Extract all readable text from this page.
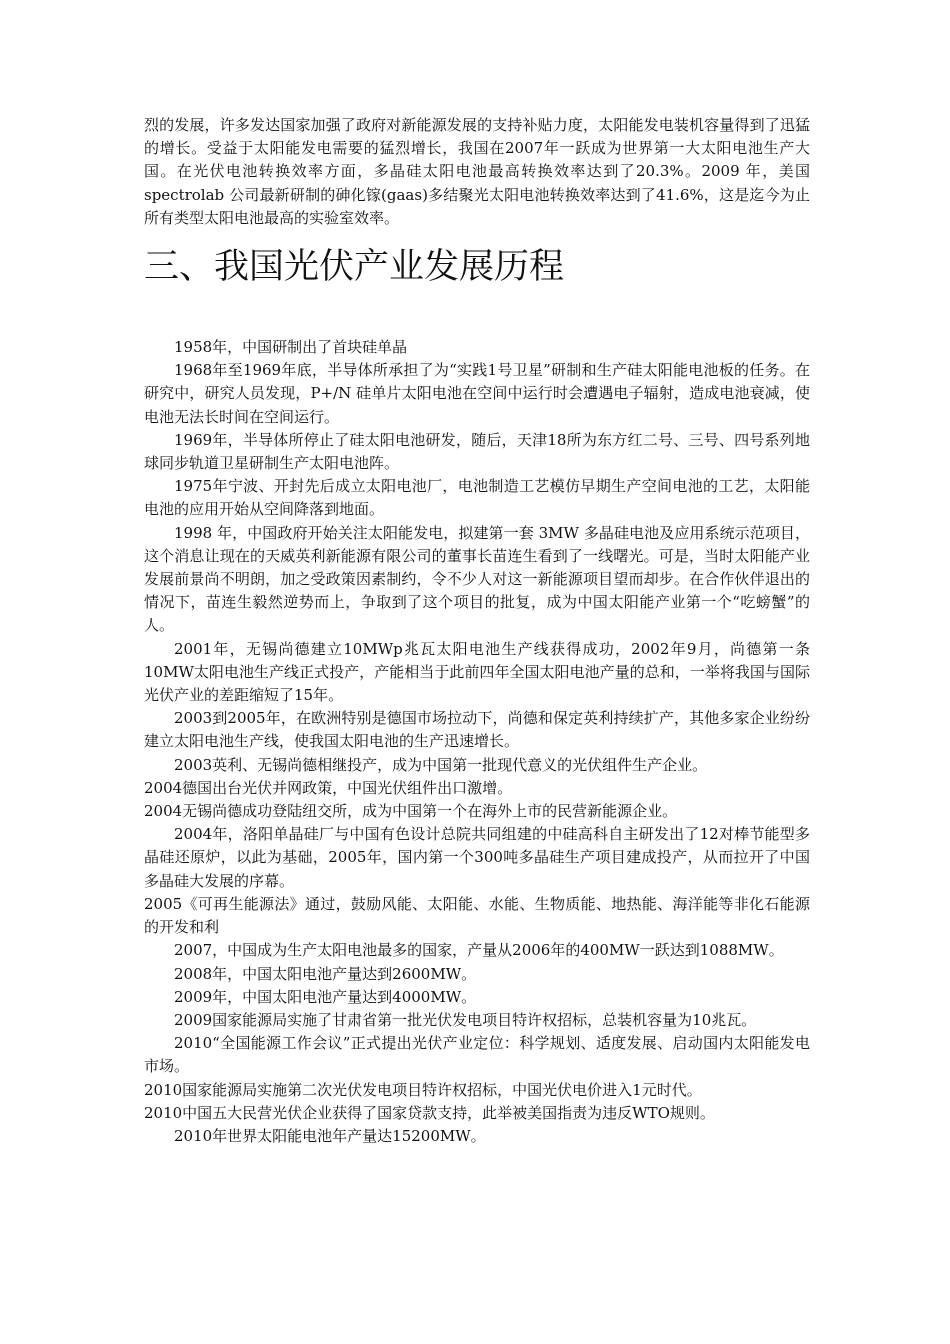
烈的发展，许多发达国家加强了政府对新能源发展的支持补贴力度，太阳能发电装机容量得到了迅猛的增长。受益于太阳能发电需要的猛烈增长，我国在2007年一跃成为世界第一大太阳电池生产大国。在光伏电池转换效率方面，多晶硅太阳电池最高转换效率达到了20.3%。2009 年，美国 spectrolab 公司最新研制的砷化镓(gaas)多结聚光太阳电池转换效率达到了41.6%，这是迄今为止所有类型太阳电池最高的实验室效率。

三、我国光伏产业发展历程

1958年，中国研制出了首块硅单晶

1968年至1969年底，半导体所承担了为“实践1号卫星”研制和生产硅太阳能电池板的任务。在研究中，研究人员发现，P+/N 硅单片太阳电池在空间中运行时会遭遇电子辐射，造成电池衰减，使电池无法长时间在空间运行。

1969年，半导体所停止了硅太阳电池研发，随后，天津18所为东方红二号、三号、四号系列地球同步轨道卫星研制生产太阳电池阵。

1975年宁波、开封先后成立太阳电池厂，电池制造工艺模仿早期生产空间电池的工艺，太阳能电池的应用开始从空间降落到地面。

1998 年，中国政府开始关注太阳能发电，拟建第一套 3MW 多晶硅电池及应用系统示范项目，这个消息让现在的天威英利新能源有限公司的董事长苗连生看到了一线曙光。可是，当时太阳能产业发展前景尚不明朗，加之受政策因素制约，令不少人对这一新能源项目望而却步。在合作伙伴退出的情况下，苗连生毅然逆势而上，争取到了这个项目的批复，成为中国太阳能产业第一个“吃螃蟹”的人。

2001年，无锡尚德建立10MWp兆瓦太阳电池生产线获得成功，2002年9月，尚德第一条10MW太阳电池生产线正式投产，产能相当于此前四年全国太阳电池产量的总和，一举将我国与国际光伏产业的差距缩短了15年。

2003到2005年，在欧洲特别是德国市场拉动下，尚德和保定英利持续扩产，其他多家企业纷纷建立太阳电池生产线，使我国太阳电池的生产迅速增长。

2003英利、无锡尚德相继投产，成为中国第一批现代意义的光伏组件生产企业。

2004德国出台光伏并网政策，中国光伏组件出口激增。

2004无锡尚德成功登陆纽交所，成为中国第一个在海外上市的民营新能源企业。

2004年，洛阳单晶硅厂与中国有色设计总院共同组建的中硅高科自主研发出了12对棒节能型多晶硅还原炉，以此为基础，2005年，国内第一个300吨多晶硅生产项目建成投产，从而拉开了中国多晶硅大发展的序幕。

2005《可再生能源法》通过，鼓励风能、太阳能、水能、生物质能、地热能、海洋能等非化石能源的开发和利

2007，中国成为生产太阳电池最多的国家，产量从2006年的400MW一跃达到1088MW。

2008年，中国太阳电池产量达到2600MW。

2009年，中国太阳电池产量达到4000MW。

2009国家能源局实施了甘肃省第一批光伏发电项目特许权招标，总装机容量为10兆瓦。

2010“全国能源工作会议”正式提出光伏产业定位：科学规划、适度发展、启动国内太阳能发电市场。

2010国家能源局实施第二次光伏发电项目特许权招标，中国光伏电价进入1元时代。

2010中国五大民营光伏企业获得了国家贷款支持，此举被美国指责为违反WTO规则。

2010年世界太阳能电池年产量达15200MW。
